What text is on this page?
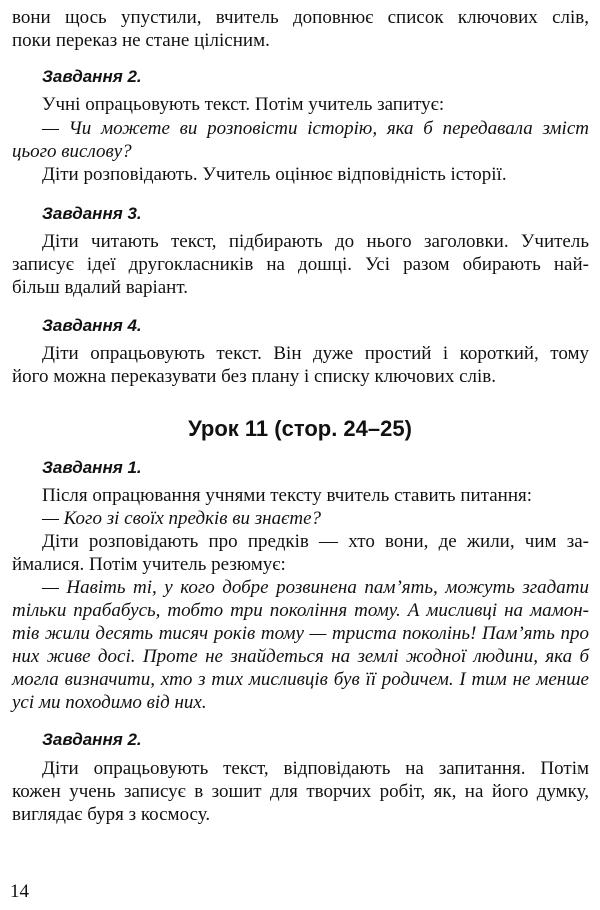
вони щось упустили, вчитель доповнює список ключових слів,
поки переказ не стане цілісним.
Завдання 2.
Учні опрацьовують текст. Потім учитель запитує:
— Чи можете ви розповісти історію, яка б передавала зміст
цього вислову?
Діти розповідають. Учитель оцінює відповідність історії.
Завдання 3.
Діти читають текст, підбирають до нього заголовки. Учитель
записує ідеї другокласників на дошці. Усі разом обирають най-
більш вдалий варіант.
Завдання 4.
Діти опрацьовують текст. Він дуже простий і короткий, тому
його можна переказувати без плану і списку ключових слів.
Урок 11 (стор. 24–25)
Завдання 1.
Після опрацювання учнями тексту вчитель ставить питання:
— Кого зі своїх предків ви знаєте?
Діти розповідають про предків — хто вони, де жили, чим за-
ймалися. Потім учитель резюмує:
— Навіть ті, у кого добре розвинена пам’ять, можуть згадати
тільки прабабусь, тобто три покоління тому. А мисливці на мамон-
тів жили десять тисяч років тому — триста поколінь! Пам’ять про
них живе досі. Проте не знайдеться на землі жодної людини, яка б
могла визначити, хто з тих мисливців був її родичем. І тим не менше
усі ми походимо від них.
Завдання 2.
Діти опрацьовують текст, відповідають на запитання. Потім
кожен учень записує в зошит для творчих робіт, як, на його думку,
виглядає буря з космосу.
14
